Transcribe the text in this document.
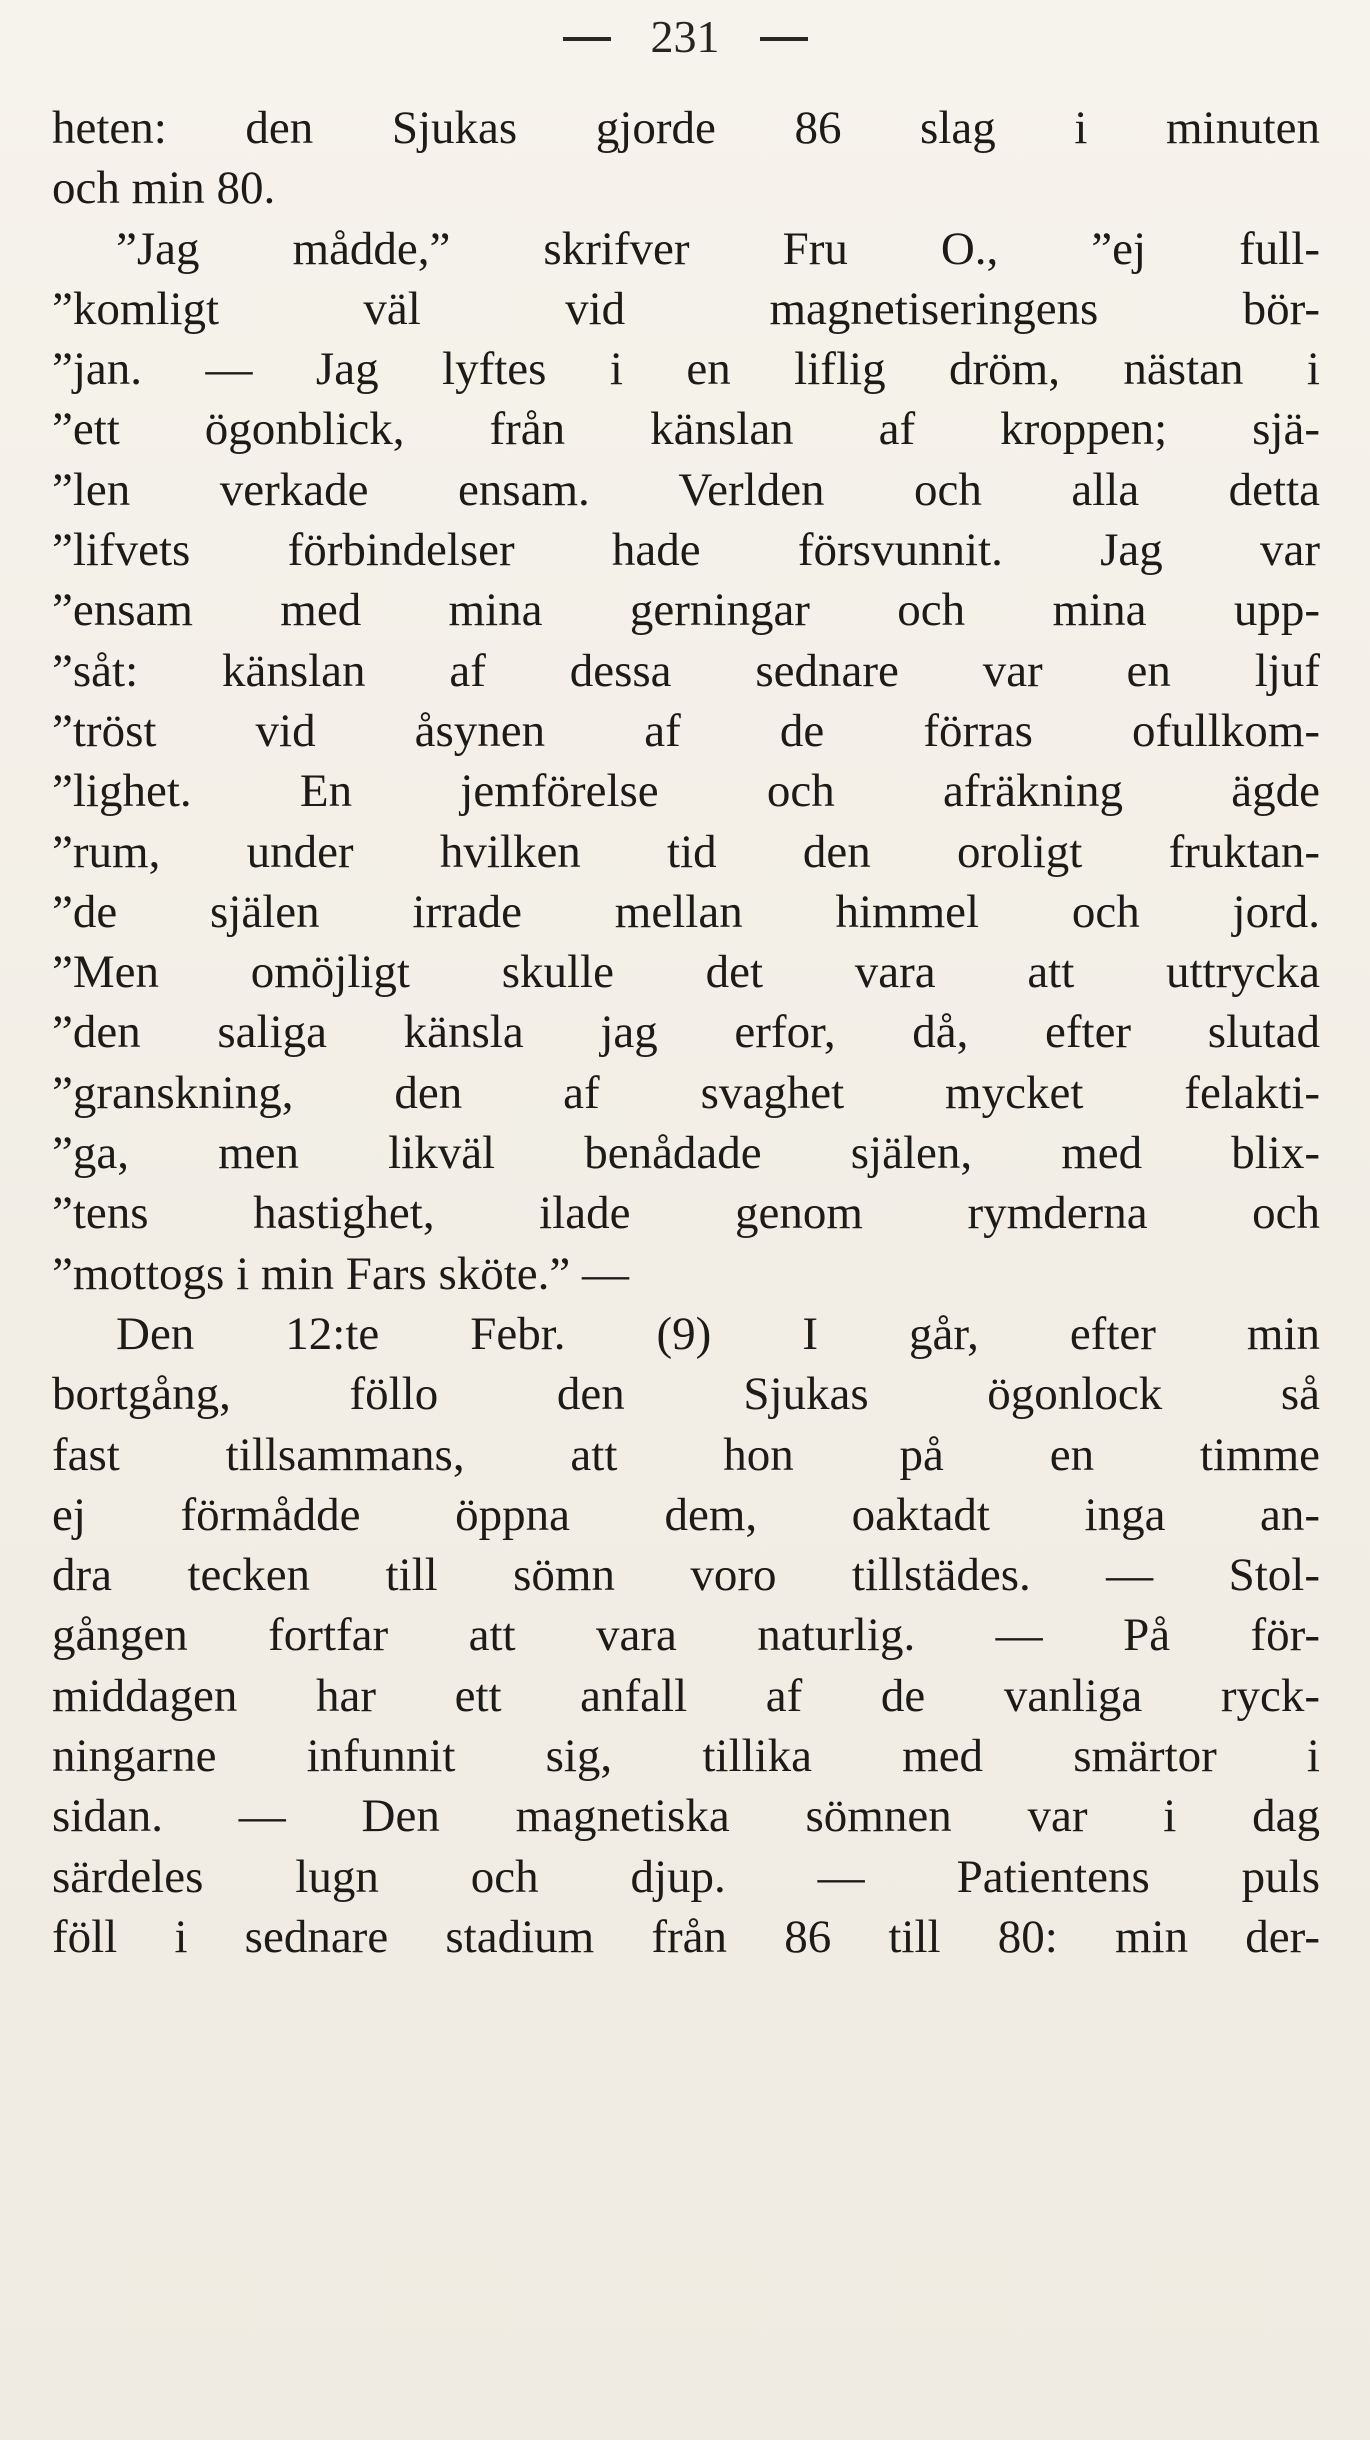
231
heten: den Sjukas gjorde 86 slag i minuten
och min 80.
”Jag mådde,” skrifver Fru O., ”ej full-
”komligt väl vid magnetiseringens bör-
”jan. — Jag lyftes i en liflig dröm, nästan i
”ett ögonblick, från känslan af kroppen; sjä-
”len verkade ensam. Verlden och alla detta
”lifvets förbindelser hade försvunnit. Jag var
”ensam med mina gerningar och mina upp-
”såt: känslan af dessa sednare var en ljuf
”tröst vid åsynen af de förras ofullkom-
”lighet. En jemförelse och afräkning ägde
”rum, under hvilken tid den oroligt fruktan-
”de själen irrade mellan himmel och jord.
”Men omöjligt skulle det vara att uttrycka
”den saliga känsla jag erfor, då, efter slutad
”granskning, den af svaghet mycket felakti-
”ga, men likväl benådade själen, med blix-
”tens hastighet, ilade genom rymderna och
”mottogs i min Fars sköte.” —
Den 12:te Febr. (9) I går, efter min
bortgång, föllo den Sjukas ögonlock så
fast tillsammans, att hon på en timme
ej förmådde öppna dem, oaktadt inga an-
dra tecken till sömn voro tillstädes. — Stol-
gången fortfar att vara naturlig. — På för-
middagen har ett anfall af de vanliga ryck-
ningarne infunnit sig, tillika med smärtor i
sidan. — Den magnetiska sömnen var i dag
särdeles lugn och djup. — Patientens puls
föll i sednare stadium från 86 till 80: min der-
